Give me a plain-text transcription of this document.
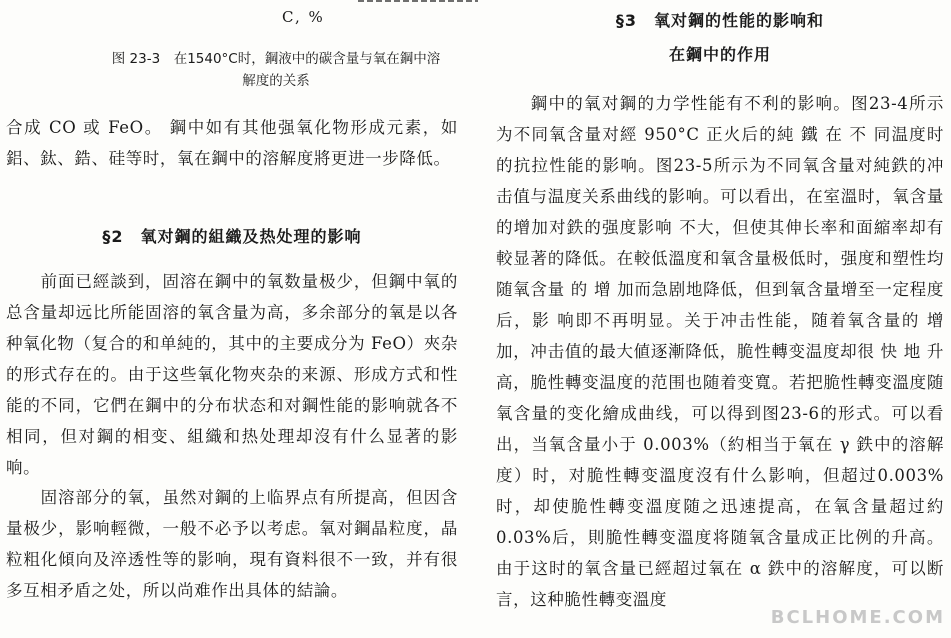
C, %
图 23-3　在1540°C时，鋼液中的碳含量与氧在鋼中溶解度的关系

合成 CO 或 FeO。 鋼中如有其他强氧化物形成元素，如鋁、鈦、鋯、硅等时，氧在鋼中的溶解度將更进一步降低。

§2　氧对鋼的組織及热处理的影响

前面已經談到，固溶在鋼中的氧数量极少，但鋼中氧的总含量却远比所能固溶的氧含量为高，多余部分的氧是以各种氧化物（复合的和单純的，其中的主要成分为 FeO）夾杂的形式存在的。由于这些氧化物夾杂的来源、形成方式和性能的不同，它們在鋼中的分布状态和对鋼性能的影响就各不相同，但对鋼的相变、組織和热处理却沒有什么显著的影响。

固溶部分的氧，虽然对鋼的上临界点有所提高，但因含量极少，影响輕微，一般不必予以考虑。氧对鋼晶粒度，晶粒粗化傾向及淬透性等的影响，現有資料很不一致，并有很多互相矛盾之处，所以尚难作出具体的結論。

§3　氧对鋼的性能的影响和
在鋼中的作用

鋼中的氧对鋼的力学性能有不利的影响。图23-4所示为不同氧含量对經 950°C 正火后的純 鐵 在 不 同温度时的抗拉性能的影响。图23-5所示为不同氧含量对純鉄的冲击值与温度关系曲线的影响。可以看出，在室溫时，氧含量的增加对鉄的强度影响 不大，但使其伸长率和面縮率却有較显著的降低。在較低溫度和氧含量极低时，强度和塑性均随氧含量 的 增 加而急剧地降低，但到氧含量增至一定程度 后，影 响即不再明显。关于冲击性能，随着氧含量的 增加，冲击值的最大値逐漸降低，脆性轉变温度却很 快 地 升高，脆性轉变温度的范围也随着变寬。若把脆性轉变溫度随氧含量的变化繪成曲线，可以得到图23-6的形式。可以看出，当氧含量小于 0.003%（約相当于氧在 γ 鉄中的溶解度）时，对脆性轉变溫度沒有什么影响，但超过0.003%时，却使脆性轉变溫度随之迅速提高，在氧含量超过約0.03%后，則脆性轉变溫度将随氧含量成正比例的升高。由于这时的氧含量已經超过氧在 α 鉄中的溶解度，可以断言，这种脆性轉变溫度

BCLHOME.COM
